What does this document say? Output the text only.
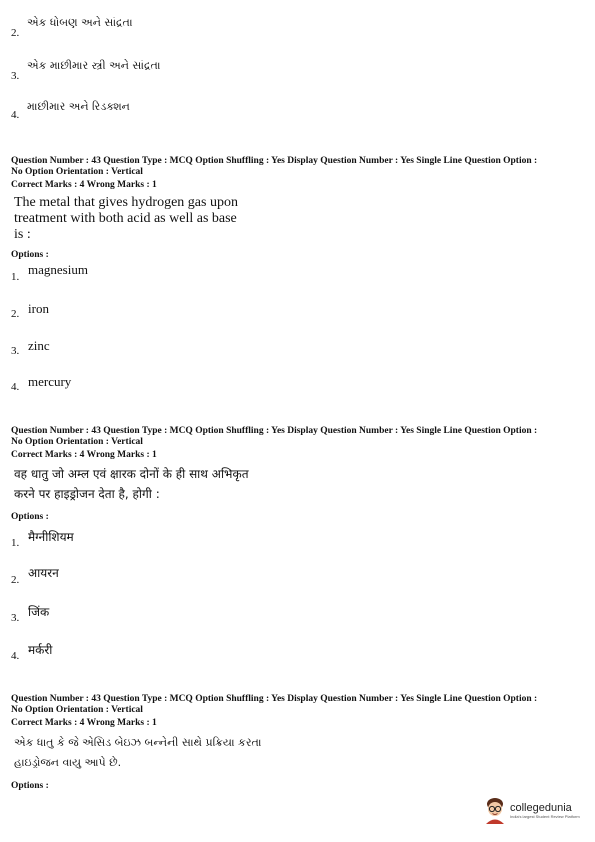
2.
એક ધોબણ અને સાંદ્રતા
3.
એક માછીમાર સ્ત્રી અને સાંદ્રતા
4.
માછીમાર અને રિડક્શન
Question Number : 43 Question Type : MCQ Option Shuffling : Yes Display Question Number : Yes Single Line Question Option :
No Option Orientation : Vertical
Correct Marks : 4 Wrong Marks : 1
The metal that gives hydrogen gas upon
treatment with both acid as well as base
is :
Options :
1. magnesium
2. iron
3. zinc
4. mercury
Question Number : 43 Question Type : MCQ Option Shuffling : Yes Display Question Number : Yes Single Line Question Option :
No Option Orientation : Vertical
Correct Marks : 4 Wrong Marks : 1
वह धातु जो अम्ल एवं क्षारक दोनों के ही साथ अभिकृत
करने पर हाइड्रोजन देता है, होगी :
Options :
1. मैग्नीशियम
2. आयरन
3. जिंक
4. मर्करी
Question Number : 43 Question Type : MCQ Option Shuffling : Yes Display Question Number : Yes Single Line Question Option :
No Option Orientation : Vertical
Correct Marks : 4 Wrong Marks : 1
એક ધાતુ કે જે એસિડ બેઇઝ બન્નેની સાથે પ્રક્રિયા કરતા
હાઇડ્રોજન વાયુ આપે છે.
Options :
collegedunia
India's largest Student Review Platform
